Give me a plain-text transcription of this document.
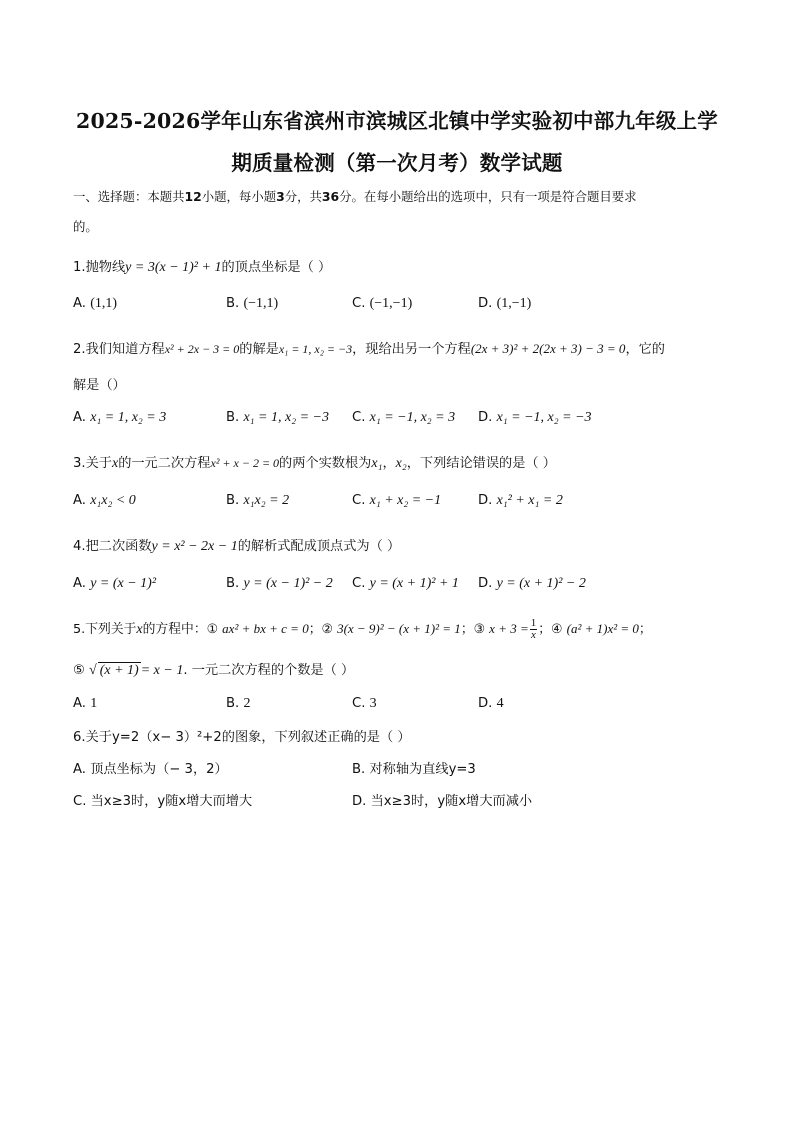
2025-2026学年山东省滨州市滨城区北镇中学实验初中部九年级上学
期质量检测（第一次月考）数学试题
一、选择题：本题共12小题，每小题3分，共36分。在每小题给出的选项中，只有一项是符合题目要求
的。
1.抛物线y = 3(x − 1)² + 1的顶点坐标是（ ）
A. (1,1)	B. (−1,1)	C. (−1,−1)	D. (1,−1)
2.我们知道方程x² + 2x − 3 = 0的解是x₁ = 1, x₂ = −3，现给出另一个方程(2x + 3)² + 2(2x + 3) − 3 = 0，它的
解是（）
A. x₁ = 1, x₂ = 3	B. x₁ = 1, x₂ = −3 C. x₁ = −1, x₂ = 3 D. x₁ = −1, x₂ = −3
3.关于x的一元二次方程x² + x − 2 = 0的两个实数根为x₁，x₂，下列结论错误的是（ ）
A. x₁x₂ < 0	B. x₁x₂ = 2	C. x₁ + x₂ = −1	D. x₁² + x₁ = 2
4.把二次函数y = x² − 2x − 1的解析式配成顶点式为（ ）
A. y = (x − 1)²	B. y = (x − 1)² − 2 C. y = (x + 1)² + 1 D. y = (x + 1)² − 2
5.下列关于x的方程中：① ax² + bx + c = 0；② 3(x − 9)² − (x + 1)² = 1；③ $x + 3 = \frac{1}{x}$ ；④ (a² + 1)x² = 0；
⑤ √ (x + 1) = x − 1. 一元二次方程的个数是（ ）
A. 1	B. 2	C. 3	D. 4
6.关于y=2（x− 3）²+2的图象，下列叙述正确的是（ ）
A. 顶点坐标为（− 3，2）	B. 对称轴为直线y=3
C. 当x≥3时，y随x增大而增大	D. 当x≥3时，y随x增大而减小
